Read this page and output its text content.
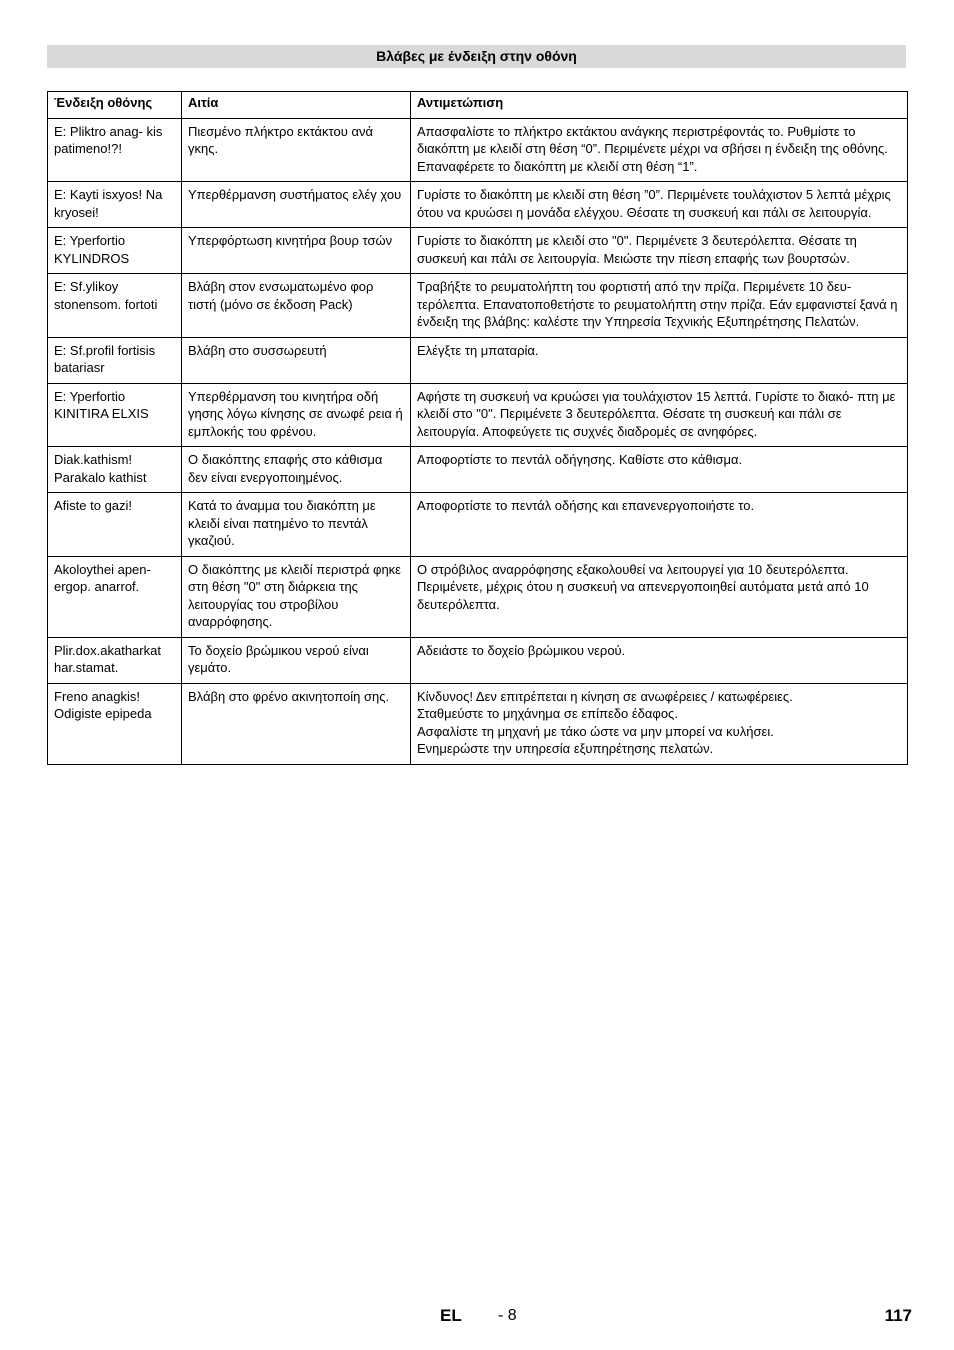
Βλάβες με ένδειξη στην οθόνη
Ένδειξη οθόνης	Αιτία	Αντιμετώπιση

E: Pliktro anag- kis patimeno!?!	Πιεσμένο πλήκτρο εκτάκτου ανά γκης.	Απασφαλίστε το πλήκτρο εκτάκτου ανάγκης περιστρέφοντάς το. Ρυθμίστε το διακόπτη με κλειδί στη θέση “0”. Περιμένετε μέχρι να σβήσει η ένδειξη της οθόνης. Επαναφέρετε το διακόπτη με κλειδί στη θέση “1”.

E: Kayti isxyos! Na kryosei!	Υπερθέρμανση συστήματος ελέγ χου	Γυρίστε το διακόπτη με κλειδί στη θέση ”0”. Περιμένετε τουλάχιστον 5 λεπτά μέχρις ότου να κρυώσει η μονάδα ελέγχου. Θέσατε τη συσκευή και πάλι σε λειτουργία.

E: Yperfortio KYLINDROS	Υπερφόρτωση κινητήρα βουρ τσών	Γυρίστε το διακόπτη με κλειδί στο "0". Περιμένετε 3 δευτερόλεπτα. Θέσατε τη συσκευή και πάλι σε λειτουργία. Μειώστε την πίεση επαφής των βουρτσών.

E: Sf.ylikoy stonensom. fortoti	Βλάβη στον ενσωματωμένο φορ τιστή (μόνο σε έκδοση Pack)	Τραβήξτε το ρευματολήπτη του φορτιστή από την πρίζα. Περιμένετε 10 δευ- τερόλεπτα. Επανατοποθετήστε το ρευματολήπτη στην πρίζα. Εάν εμφανιστεί ξανά η ένδειξη της βλάβης: καλέστε την Υπηρεσία Τεχνικής Εξυπηρέτησης Πελατών.

E: Sf.profil fortisis batariasr	Βλάβη στο συσσωρευτή	Ελέγξτε τη μπαταρία.

E: Yperfortio KINITIRA ELXIS	Υπερθέρμανση του κινητήρα οδή γησης λόγω κίνησης σε ανωφέ ρεια ή εμπλοκής του φρένου.	Αφήστε τη συσκευή να κρυώσει για τουλάχιστον 15 λεπτά. Γυρίστε το διακό- πτη με κλειδί στο "0". Περιμένετε 3 δευτερόλεπτα. Θέσατε τη συσκευή και πάλι σε λειτουργία. Αποφεύγετε τις συχνές διαδρομές σε ανηφόρες.

Diak.kathism! Parakalo kathist	Ο διακόπτης επαφής στο κάθισμα δεν είναι ενεργοποιημένος.	Αποφορτίστε το πεντάλ οδήγησης. Καθίστε στο κάθισμα.

Afiste to gazi!	Κατά το άναμμα του διακόπτη με κλειδί είναι πατημένο το πεντάλ γκαζιού.	Αποφορτίστε το πεντάλ οδήσης και επανενεργοποιήστε το.

Akoloythei apen- ergop. anarrof.	Ο διακόπτης με κλειδί περιστρά φηκε στη θέση "0" στη διάρκεια της λειτουργίας του στροβίλου αναρρόφησης.	Ο στρόβιλος αναρρόφησης εξακολουθεί να λειτουργεί για 10 δευτερόλεπτα. Περιμένετε, μέχρις ότου η συσκευή να απενεργοποιηθεί αυτόματα μετά από 10 δευτερόλεπτα.

Plir.dox.akatharkat har.stamat.	Το δοχείο βρώμικου νερού είναι γεμάτο.	Αδειάστε το δοχείο βρώμικου νερού.

Freno anagkis! Odigiste epipeda	Βλάβη στο φρένο ακινητοποίη σης.	Κίνδυνος! Δεν επιτρέπεται η κίνηση σε ανωφέρειες / κατωφέρειες.
Σταθμεύστε το μηχάνημα σε επίπεδο έδαφος.
Ασφαλίστε τη μηχανή με τάκο ώστε να μην μπορεί να κυλήσει.
Ενημερώστε την υπηρεσία εξυπηρέτησης πελατών.
EL - 8	117
